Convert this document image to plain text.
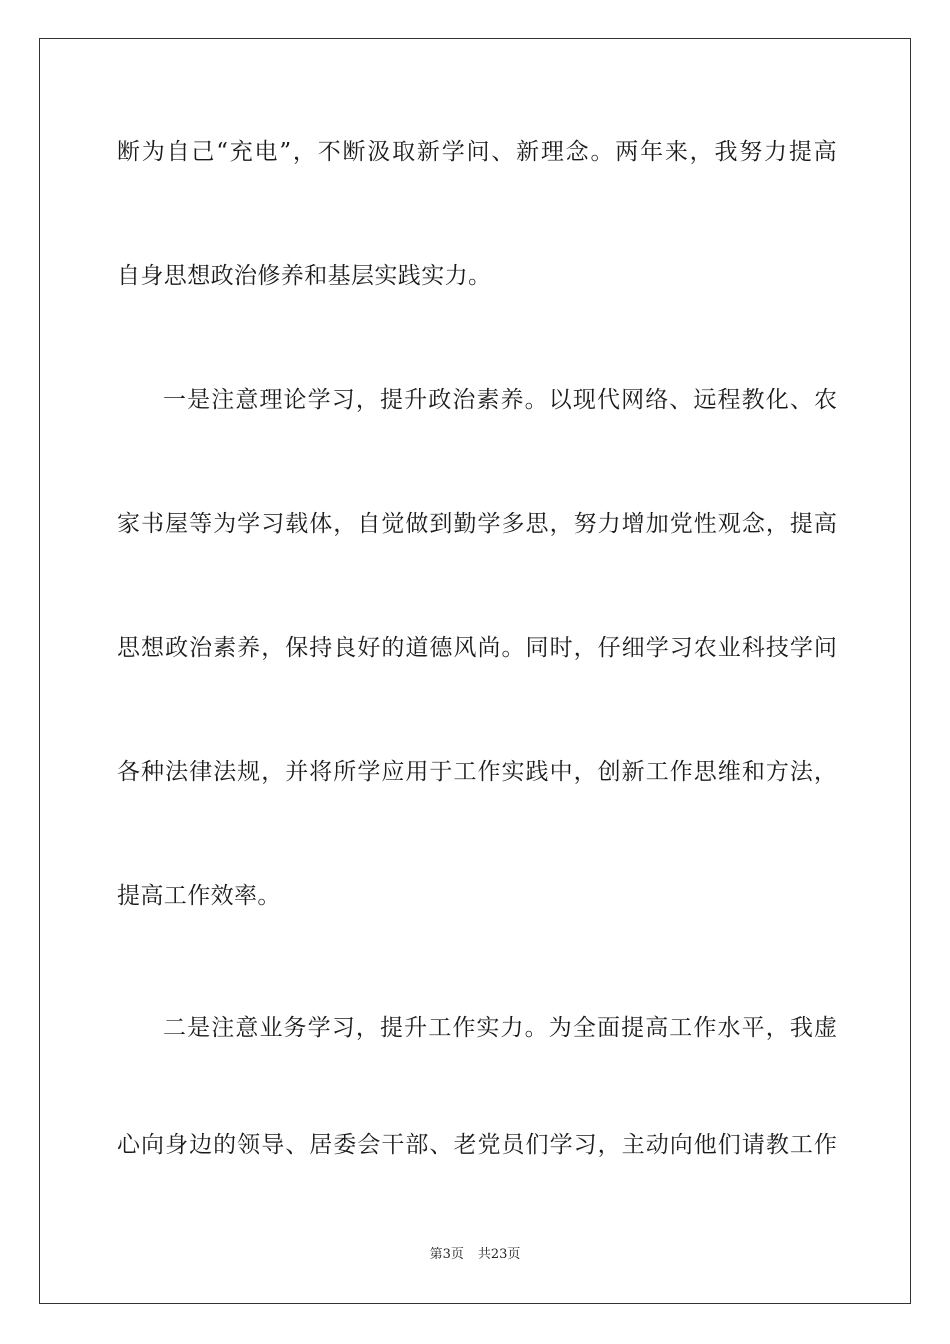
断 为 自 己 “ 充 电 ” ， 不 断 汲 取 新 学 问 、 新 理 念 。 两 年 来 ， 我 努 力 提 高
自身思想政治修养和基层实践实力。
一 是 注 意 理 论 学 习 ， 提 升 政 治 素 养 。 以 现 代 网 络 、 远 程 教 化 、 农
家 书 屋 等 为 学 习 载 体 ， 自 觉 做 到 勤 学 多 思 ， 努 力 增 加 党 性 观 念 ， 提 高
思 想 政 治 素 养 ， 保 持 良 好 的 道 德 风 尚 。 同 时 ， 仔 细 学 习 农 业 科 技 学 问
各 种 法 律 法 规 ， 并 将 所 学 应 用 于 工 作 实 践 中 ， 创 新 工 作 思 维 和 方 法 ，
提高工作效率。
二 是 注 意 业 务 学 习 ， 提 升 工 作 实 力 。 为 全 面 提 高 工 作 水 平 ， 我 虚
心 向 身 边 的 领 导 、 居 委 会 干 部 、 老 党 员 们 学 习 ， 主 动 向 他 们 请 教 工 作
第3页 共23页
